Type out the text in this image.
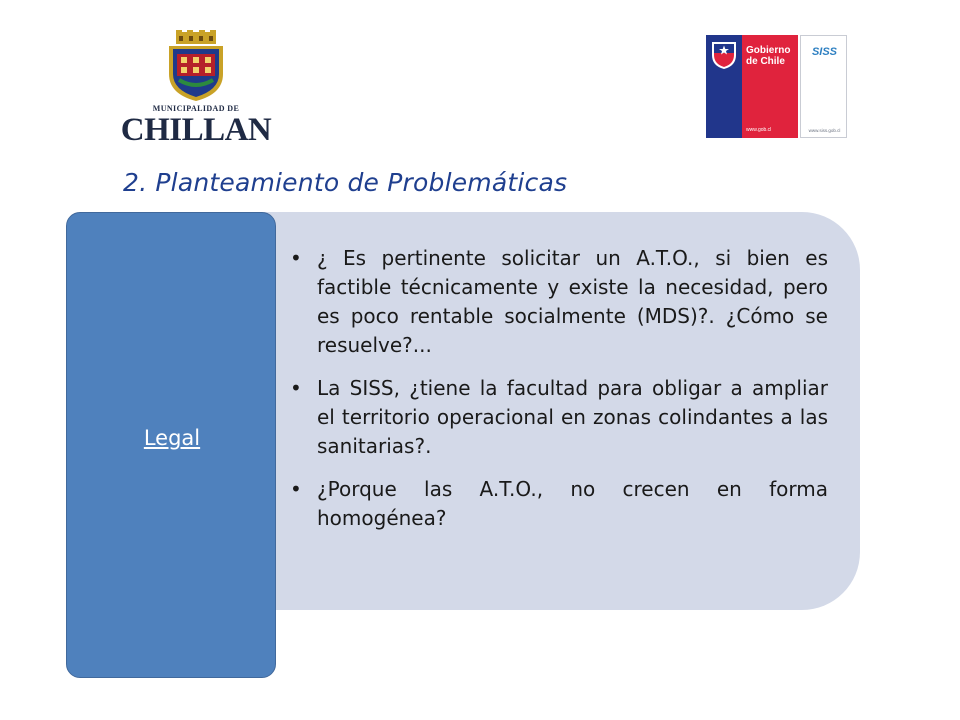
MUNICIPALIDAD DE
CHILLAN
Gobierno
de Chile
www.gob.cl
SISS
www.siss.gob.cl
2. Planteamiento de Problemáticas
• ¿ Es pertinente solicitar un A.T.O., si bien es factible técnicamente y existe la necesidad, pero es poco rentable socialmente (MDS)?. ¿Cómo se resuelve?...
• La SISS, ¿tiene la facultad para obligar a ampliar el territorio operacional en zonas colindantes a las sanitarias?.
• ¿Porque las A.T.O., no crecen en forma homogénea?
Legal
